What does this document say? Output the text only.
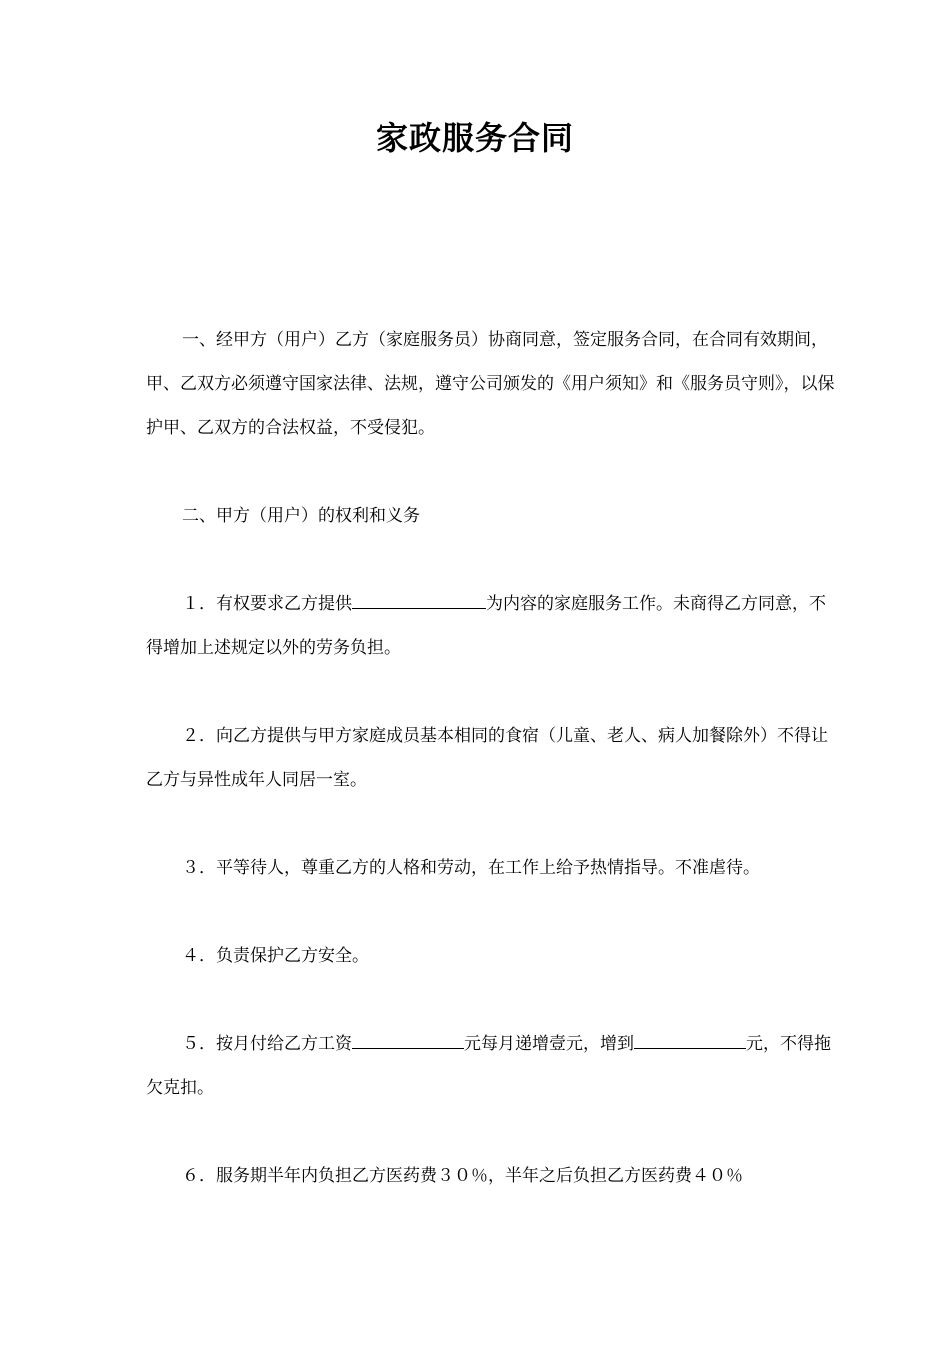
家政服务合同

一、经甲方（用户）乙方（家庭服务员）协商同意，签定服务合同，在合同有效期间，甲、乙双方必须遵守国家法律、法规，遵守公司颁发的《用户须知》和《服务员守则》，以保护甲、乙双方的合法权益，不受侵犯。

二、甲方（用户）的权利和义务

１．有权要求乙方提供	为内容的家庭服务工作。未商得乙方同意，不得增加上述规定以外的劳务负担。

２．向乙方提供与甲方家庭成员基本相同的食宿（儿童、老人、病人加餐除外）不得让乙方与异性成年人同居一室。

３．平等待人，尊重乙方的人格和劳动，在工作上给予热情指导。不准虐待。

４．负责保护乙方安全。

５．按月付给乙方工资	元每月递增壹元，增到	元，不得拖欠克扣。

６．服务期半年内负担乙方医药费３０％，半年之后负担乙方医药费４０％
